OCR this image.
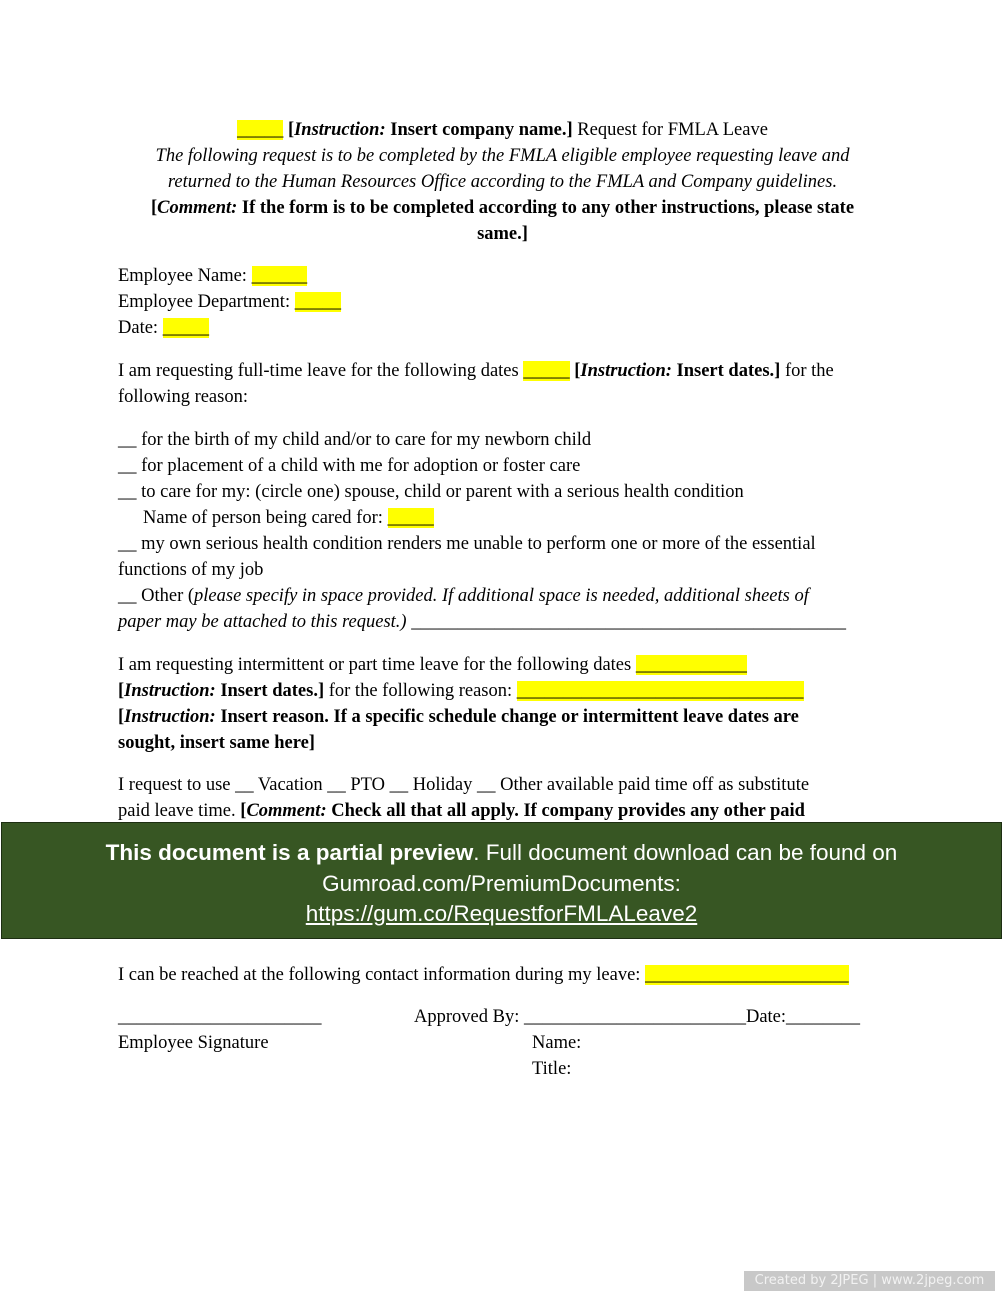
_____ [Instruction: Insert company name.] Request for FMLA Leave
The following request is to be completed by the FMLA eligible employee requesting leave and
returned to the Human Resources Office according to the FMLA and Company guidelines.
[Comment: If the form is to be completed according to any other instructions, please state
same.]
Employee Name: ______
Employee Department: _____
Date: _____
I am requesting full-time leave for the following dates _____ [Instruction: Insert dates.] for the
following reason:
__ for the birth of my child and/or to care for my newborn child
__ for placement of a child with me for adoption or foster care
__ to care for my: (circle one) spouse, child or parent with a serious health condition
Name of person being cared for: _____
__ my own serious health condition renders me unable to perform one or more of the essential
functions of my job
__ Other (please specify in space provided. If additional space is needed, additional sheets of
paper may be attached to this request.) _______________________________________________
I am requesting intermittent or part time leave for the following dates ____________
[Instruction: Insert dates.] for the following reason: _______________________________
[Instruction: Insert reason. If a specific schedule change or intermittent leave dates are
sought, insert same here]
I request to use __ Vacation __ PTO __ Holiday __ Other available paid time off as substitute
paid leave time. [Comment: Check all that all apply. If company provides any other paid
This document is a partial preview. Full document download can be found on
Gumroad.com/PremiumDocuments:
https://gum.co/RequestforFMLALeave2
I can be reached at the following contact information during my leave: ______________________
______________________	Approved By: ________________________Date:________
Employee Signature	Name:
Title:
Created by 2JPEG | www.2jpeg.com
